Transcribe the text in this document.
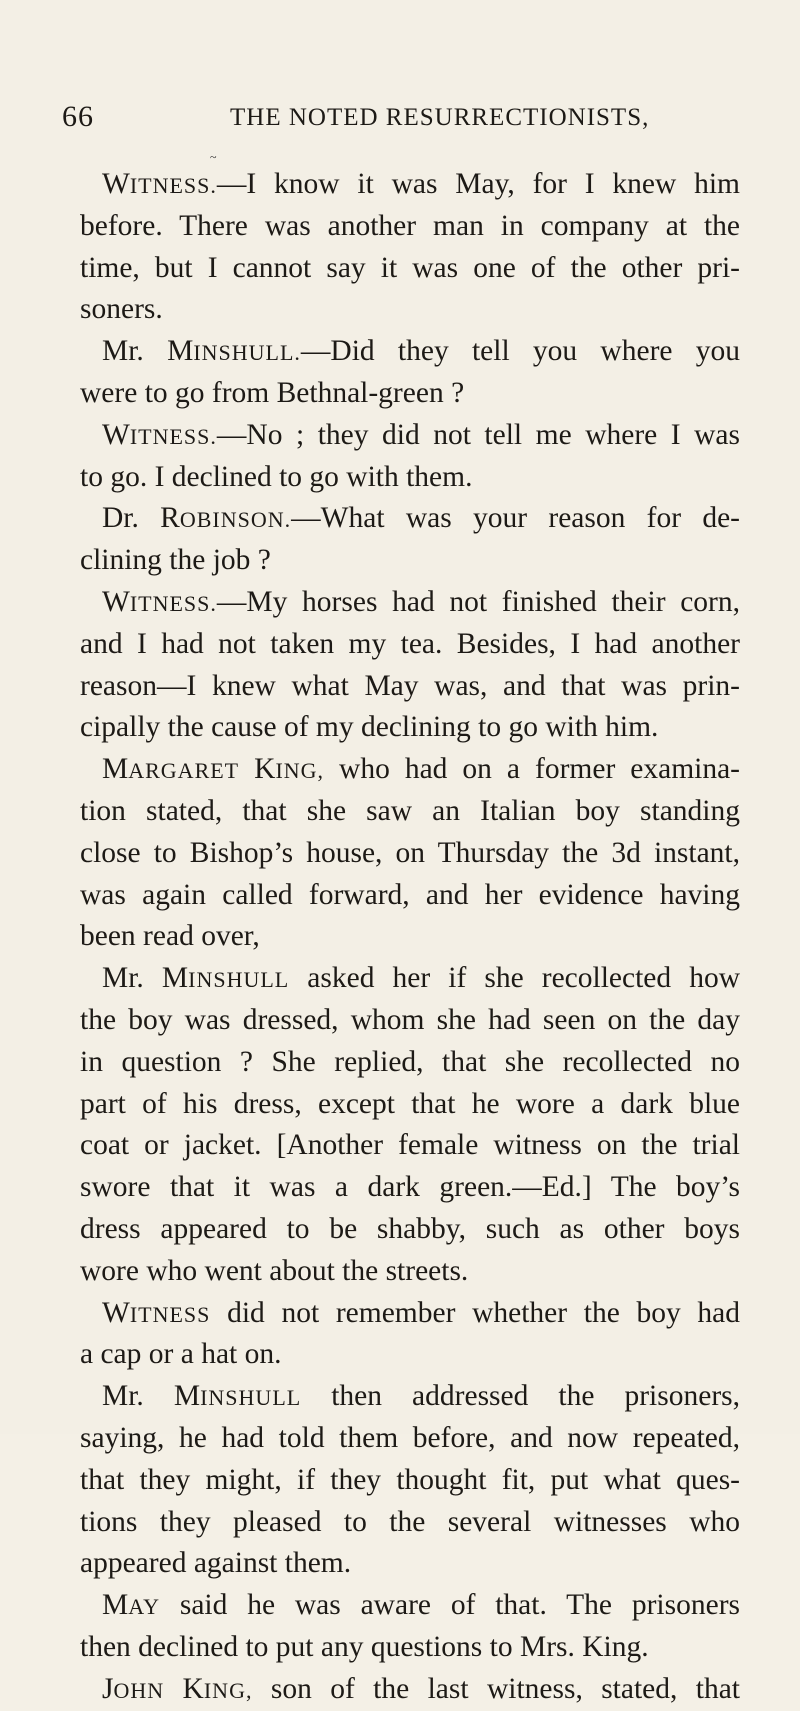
66	THE NOTED RESURRECTIONISTS,
~
WITNESS.—I know it was May, for I knew him
before. There was another man in company at the
time, but I cannot say it was one of the other pri-
soners.
Mr. MINSHULL.—Did they tell you where you
were to go from Bethnal-green ?
WITNESS.—No ; they did not tell me where I was
to go. I declined to go with them.
Dr. ROBINSON.—What was your reason for de-
clining the job ?
WITNESS.—My horses had not finished their corn,
and I had not taken my tea. Besides, I had another
reason—I knew what May was, and that was prin-
cipally the cause of my declining to go with him.
MARGARET KING, who had on a former examina-
tion stated, that she saw an Italian boy standing
close to Bishop’s house, on Thursday the 3d instant,
was again called forward, and her evidence having
been read over,
Mr. MINSHULL asked her if she recollected how
the boy was dressed, whom she had seen on the day
in question ? She replied, that she recollected no
part of his dress, except that he wore a dark blue
coat or jacket. [Another female witness on the trial
swore that it was a dark green.—Ed.] The boy’s
dress appeared to be shabby, such as other boys
wore who went about the streets.
WITNESS did not remember whether the boy had
a cap or a hat on.
Mr. MINSHULL then addressed the prisoners,
saying, he had told them before, and now repeated,
that they might, if they thought fit, put what ques-
tions they pleased to the several witnesses who
appeared against them.
MAY said he was aware of that. The prisoners
then declined to put any questions to Mrs. King.
JOHN KING, son of the last witness, stated, that
